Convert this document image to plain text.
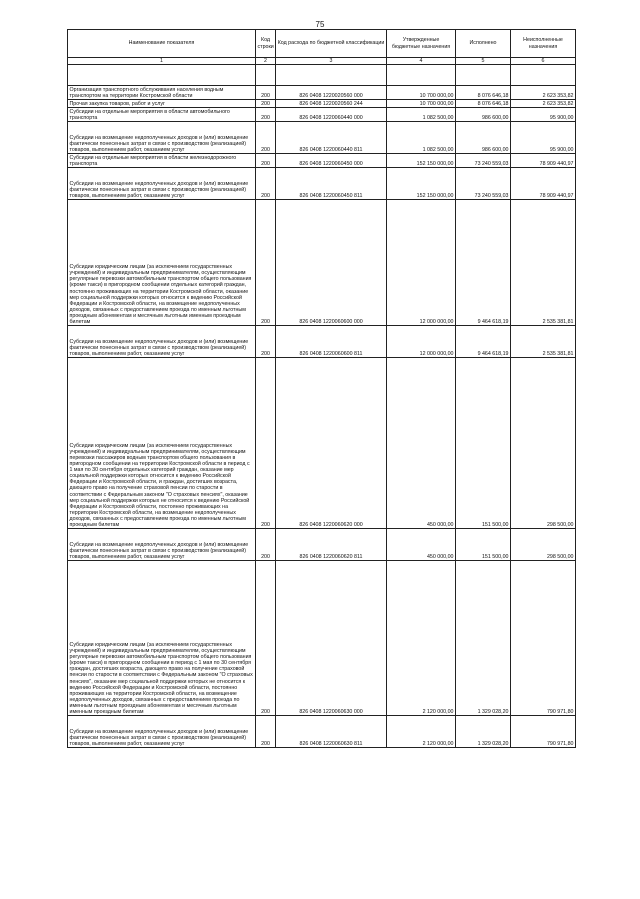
75
Наименование показателя	Код строки	Код расхода по бюджетной классификации	Утвержденные бюджетные назначения	Исполнено	Неисполненные назначения
1	2	3	4	5	6

Организация транспортного обслуживания населения водным транспортом на территории Костромской области	200	826 0408 1220020560 000	10 700 000,00	8 076 646,18	2 623 353,82
Прочая закупка товаров, работ и услуг	200	826 0408 1220020560 244	10 700 000,00	8 076 646,18	2 623 353,82
Субсидии на отдельные мероприятия в области автомобильного транспорта	200	826 0408 1220060440 000	1 082 500,00	986 600,00	95 900,00
Субсидии на возмещение недополученных доходов и (или) возмещение фактически понесенных затрат в связи с производством (реализацией) товаров, выполнением работ, оказанием услуг	200	826 0408 1220060440 811	1 082 500,00	986 600,00	95 900,00
Субсидии на отдельные мероприятия в области железнодорожного транспорта	200	826 0408 1220060450 000	152 150 000,00	73 240 559,03	78 909 440,97
Субсидии на возмещение недополученных доходов и (или) возмещение фактически понесенных затрат в связи с производством (реализацией) товаров, выполнением работ, оказанием услуг	200	826 0408 1220060450 811	152 150 000,00	73 240 559,03	78 909 440,97
Субсидии юридическим лицам (за исключением государственных учреждений) и индивидуальным предпринимателям, осуществляющим регулярные перевозки автомобильным транспортом общего пользования (кроме такси) в пригородном сообщении отдельных категорий граждан, постоянно проживающих на территории Костромской области, оказание мер социальной поддержки которых относится к ведению Российской Федерации и Костромской области, на возмещение недополученных доходов, связанных с предоставлением проезда по именным льготным проездным абонементам и месячным льготным именным проездным билетам	200	826 0408 1220060600 000	12 000 000,00	9 464 618,19	2 535 381,81
Субсидии на возмещение недополученных доходов и (или) возмещение фактически понесенных затрат в связи с производством (реализацией) товаров, выполнением работ, оказанием услуг	200	826 0408 1220060600 811	12 000 000,00	9 464 618,19	2 535 381,81
Субсидии юридическим лицам (за исключением государственных учреждений) и индивидуальным предпринимателям, осуществляющим перевозки пассажиров водным транспортом общего пользования в пригородном сообщении на территории Костромской области в период с 1 мая по 30 сентября отдельных категорий граждан, оказание мер социальной поддержки которых относится к ведению Российской Федерации и Костромской области, и граждан, достигших возраста, дающего право на получение страховой пенсии по старости в соответствии с Федеральным законом "О страховых пенсиях", оказание мер социальной поддержки которых не относится к ведению Российской Федерации и Костромской области, постоянно проживающих на территории Костромской области, на возмещение недополученных доходов, связанных с предоставлением проезда по именным льготным проездным билетам	200	826 0408 1220060620 000	450 000,00	151 500,00	298 500,00
Субсидии на возмещение недополученных доходов и (или) возмещение фактически понесенных затрат в связи с производством (реализацией) товаров, выполнением работ, оказанием услуг	200	826 0408 1220060620 811	450 000,00	151 500,00	298 500,00
Субсидии юридическим лицам (за исключением государственных учреждений) и индивидуальным предпринимателям, осуществляющим регулярные перевозки автомобильным транспортом общего пользования (кроме такси) в пригородном сообщении в период с 1 мая по 30 сентября граждан, достигших возраста, дающего право на получение страховой пенсии по старости в соответствии с Федеральным законом "О страховых пенсиях", оказание мер социальной поддержки которых не относится к ведению Российской Федерации и Костромской области, постоянно проживающих на территории Костромской области, на возмещение недополученных доходов, связанных с предоставлением проезда по именным льготным проездным абонементам и месячным льготным именным проездным билетам	200	826 0408 1220060630 000	2 120 000,00	1 329 028,20	790 971,80
Субсидии на возмещение недополученных доходов и (или) возмещение фактически понесенных затрат в связи с производством (реализацией) товаров, выполнением работ, оказанием услуг	200	826 0408 1220060630 811	2 120 000,00	1 329 028,20	790 971,80
